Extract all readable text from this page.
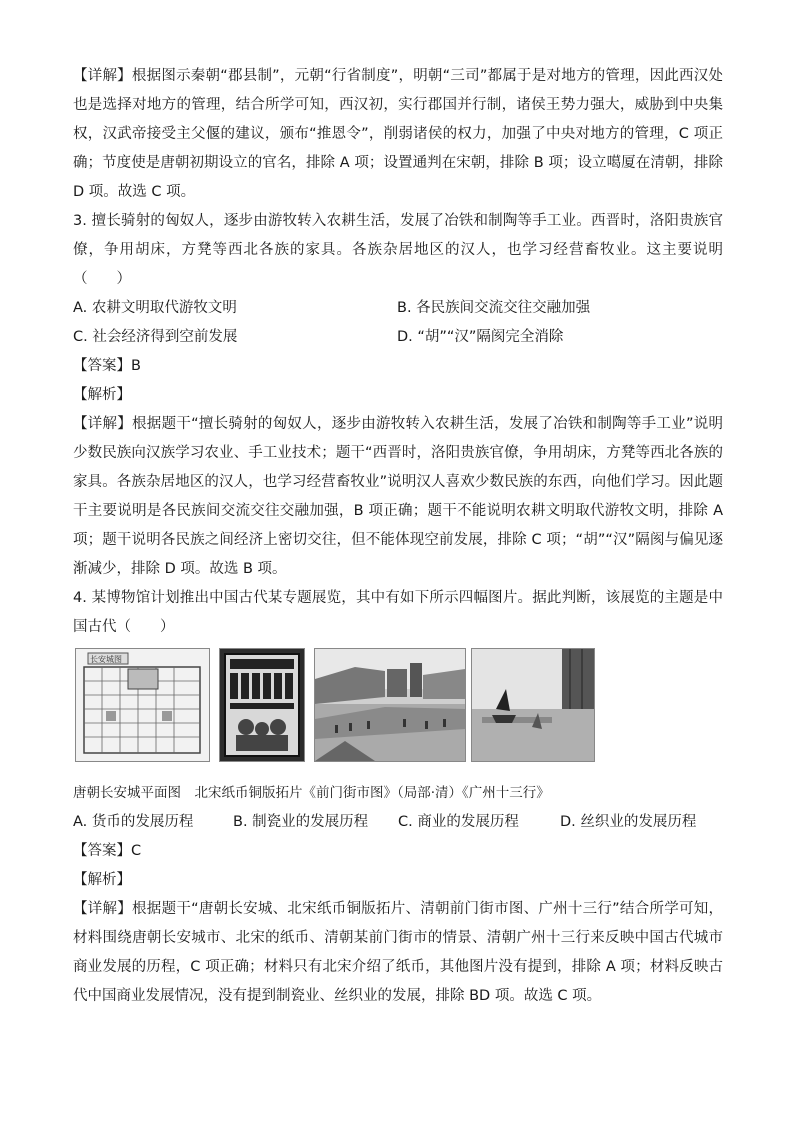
【详解】根据图示秦朝“郡县制”，元朝“行省制度”，明朝“三司”都属于是对地方的管理，因此西汉处也是选择对地方的管理，结合所学可知，西汉初，实行郡国并行制，诸侯王势力强大，威胁到中央集权，汉武帝接受主父偃的建议，颁布“推恩令”，削弱诸侯的权力，加强了中央对地方的管理，C 项正确；节度使是唐朝初期设立的官名，排除 A 项；设置通判在宋朝，排除 B 项；设立噶厦在清朝，排除 D 项。故选 C 项。

3. 擅长骑射的匈奴人，逐步由游牧转入农耕生活，发展了冶铁和制陶等手工业。西晋时，洛阳贵族官僚，争用胡床，方凳等西北各族的家具。各族杂居地区的汉人，也学习经营畜牧业。这主要说明（　　）

A. 农耕文明取代游牧文明	B. 各民族间交流交往交融加强
C. 社会经济得到空前发展	D. “胡”“汉”隔阂完全消除

【答案】B

【解析】

【详解】根据题干“擅长骑射的匈奴人，逐步由游牧转入农耕生活，发展了冶铁和制陶等手工业”说明少数民族向汉族学习农业、手工业技术；题干“西晋时，洛阳贵族官僚，争用胡床，方凳等西北各族的家具。各族杂居地区的汉人，也学习经营畜牧业”说明汉人喜欢少数民族的东西，向他们学习。因此题干主要说明是各民族间交流交往交融加强，B 项正确；题干不能说明农耕文明取代游牧文明，排除 A 项；题干说明各民族之间经济上密切交往，但不能体现空前发展，排除 C 项；“胡”“汉”隔阂与偏见逐渐减少，排除 D 项。故选 B 项。

4. 某博物馆计划推出中国古代某专题展览，其中有如下所示四幅图片。据此判断，该展览的主题是中国古代（　　）

长安城图

唐朝长安城平面图　北宋纸币铜版拓片《前门街市图》（局部·清）《广州十三行》

A. 货币的发展历程	B. 制瓷业的发展历程	C. 商业的发展历程	D. 丝织业的发展历程

【答案】C

【解析】

【详解】根据题干“唐朝长安城、北宋纸币铜版拓片、清朝前门街市图、广州十三行”结合所学可知，材料围绕唐朝长安城市、北宋的纸币、清朝某前门街市的情景、清朝广州十三行来反映中国古代城市商业发展的历程，C 项正确；材料只有北宋介绍了纸币，其他图片没有提到，排除 A 项；材料反映古代中国商业发展情况，没有提到制瓷业、丝织业的发展，排除 BD 项。故选 C 项。
